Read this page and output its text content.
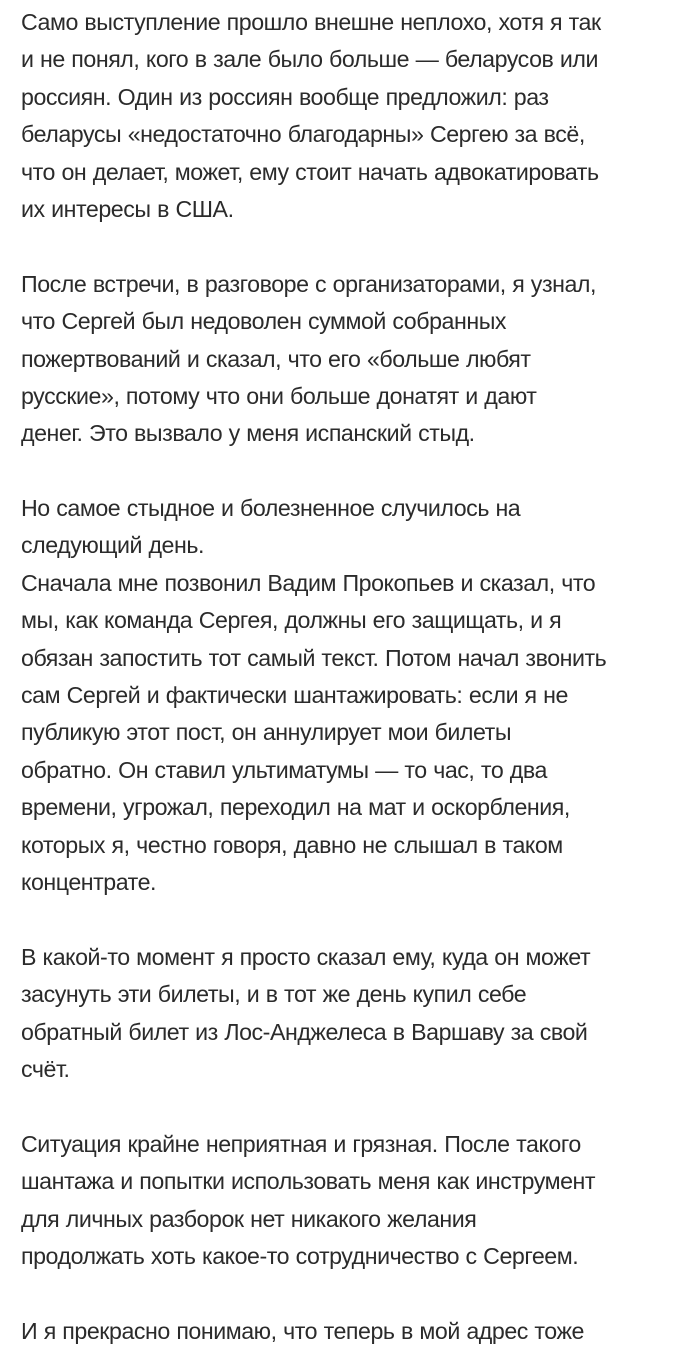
Само выступление прошло внешне неплохо, хотя я так
и не понял, кого в зале было больше — беларусов или
россиян. Один из россиян вообще предложил: раз
беларусы «недостаточно благодарны» Сергею за всё,
что он делает, может, ему стоит начать адвокатировать
их интересы в США.
После встречи, в разговоре с организаторами, я узнал,
что Сергей был недоволен суммой собранных
пожертвований и сказал, что его «больше любят
русские», потому что они больше донатят и дают
денег. Это вызвало у меня испанский стыд.
Но самое стыдное и болезненное случилось на
следующий день.
Сначала мне позвонил Вадим Прокопьев и сказал, что
мы, как команда Сергея, должны его защищать, и я
обязан запостить тот самый текст. Потом начал звонить
сам Сергей и фактически шантажировать: если я не
публикую этот пост, он аннулирует мои билеты
обратно. Он ставил ультиматумы — то час, то два
времени, угрожал, переходил на мат и оскорбления,
которых я, честно говоря, давно не слышал в таком
концентрате.
В какой-то момент я просто сказал ему, куда он может
засунуть эти билеты, и в тот же день купил себе
обратный билет из Лос-Анджелеса в Варшаву за свой
счёт.
Ситуация крайне неприятная и грязная. После такого
шантажа и попытки использовать меня как инструмент
для личных разборок нет никакого желания
продолжать хоть какое-то сотрудничество с Сергеем.
И я прекрасно понимаю, что теперь в мой адрес тоже
